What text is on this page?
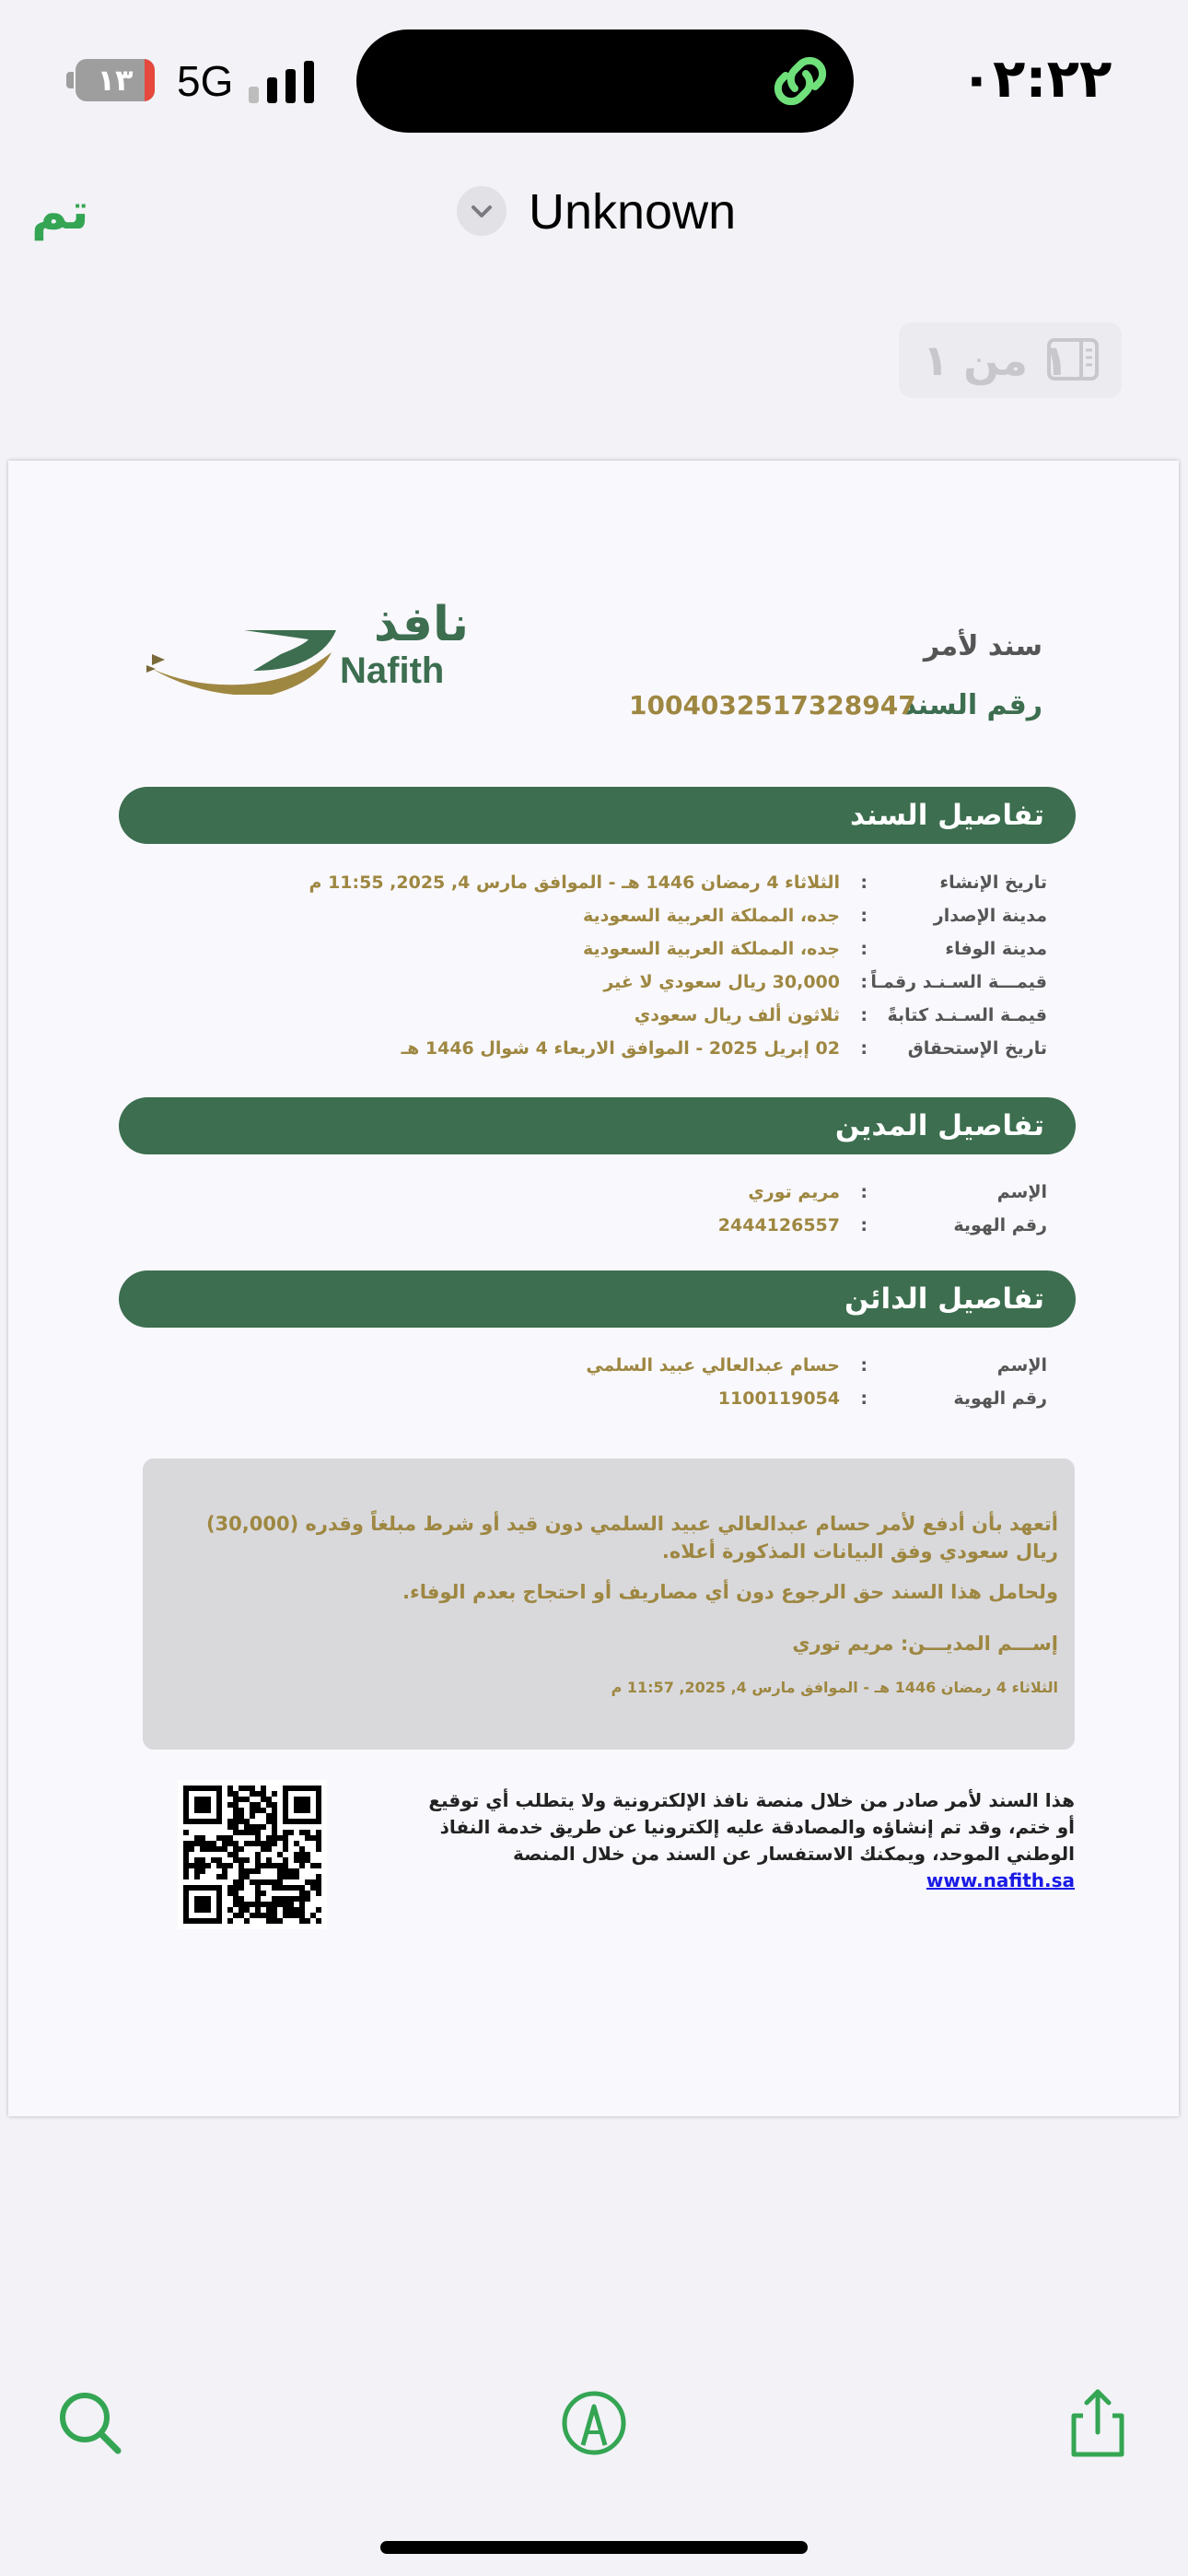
١٣	5G	٠٢:٢٢
تم	Unknown
١ من ١
نافذ
Nafith
سند لأمر
رقم السند
100403251732894‭7
تفاصيل السند
تاريخ الإنشاء
:
الثلاثاء 4 رمضان 1446 هـ - الموافق مارس 4, 2025, 11:55 م
مدينة الإصدار
:
جده، المملكة العربية السعودية
مدينة الوفاء
:
جده، المملكة العربية السعودية
قيمـــة السـنـد رقمـاً
:
30,000 ريال سعودي لا غير
قيمـة السـنـد كتابةً
:
ثلاثون ألف ريال سعودي
تاريخ الإستحقاق
:
02 إبريل 2025 - الموافق الاربعاء 4 شوال 1446 هـ
تفاصيل المدين
الإسم
:
مريم توري
رقم الهوية
:
2444126557
تفاصيل الدائن
الإسم
:
حسام عبدالعالي عبيد السلمي
رقم الهوية
:
1100119054
أتعهد بأن أدفع لأمر حسام عبدالعالي عبيد السلمي دون قيد أو شرط مبلغاً وقدره (30,000) ريال سعودي وفق البيانات المذكورة أعلاه.
ولحامل هذا السند حق الرجوع دون أي مصاريف أو احتجاج بعدم الوفاء.
إســـم المديـــن: مريم توري
الثلاثاء 4 رمضان 1446 هـ - الموافق مارس 4, 2025, 11:57 م
هذا السند لأمر صادر من خلال منصة نافذ الإلكترونية ولا يتطلب أي توقيع أو ختم، وقد تم إنشاؤه والمصادقة عليه إلكترونيا عن طريق خدمة النفاذ الوطني الموحد، ويمكنك الاستفسار عن السند من خلال المنصة www.nafith.sa
